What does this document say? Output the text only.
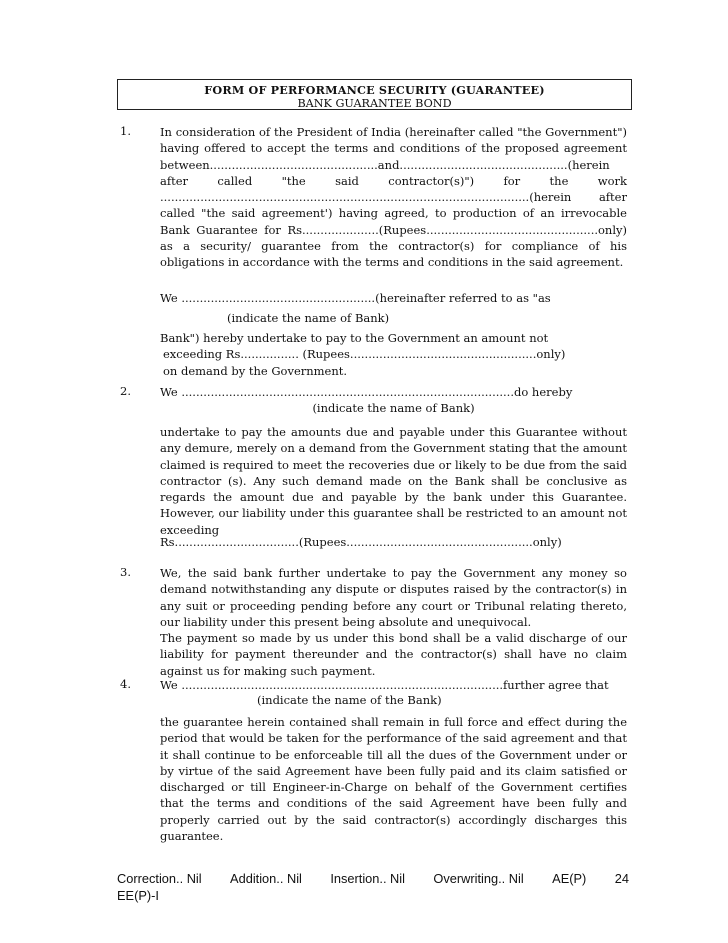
FORM OF PERFORMANCE SECURITY (GUARANTEE)
BANK GUARANTEE BOND
1.	In consideration of the President of India (hereinafter called "the Government") having offered to accept the terms and conditions of the proposed agreement between..............................................and..............................................(herein after called "the said contractor(s)") for the work .....................................................................................................(herein after called "the said agreement') having agreed, to production of an irrevocable Bank Guarantee for Rs.....................(Rupees...............................................only) as a security/ guarantee from the contractor(s) for compliance of his obligations in accordance with the terms and conditions in the said agreement.

We .....................................................(hereinafter referred to as "as
(indicate the name of Bank)
Bank") hereby undertake to pay to the Government an amount not
exceeding Rs................ (Rupees...................................................only)
on demand by the Government.
2.	We ...........................................................................................do hereby
(indicate the name of Bank)

undertake to pay the amounts due and payable under this Guarantee without any demure, merely on a demand from the Government stating that the amount claimed is required to meet the recoveries due or likely to be due from the said contractor (s). Any such demand made on the Bank shall be conclusive as regards the amount due and payable by the bank under this Guarantee. However, our liability under this guarantee shall be restricted to an amount not exceeding

Rs..................................(Rupees...................................................only)
3.	We, the said bank further undertake to pay the Government any money so demand notwithstanding any dispute or disputes raised by the contractor(s) in any suit or proceeding pending before any court or Tribunal relating thereto, our liability under this present being absolute and unequivocal.

The payment so made by us under this bond shall be a valid discharge of our liability for payment thereunder and the contractor(s) shall have no claim against us for making such payment.

4.	We ........................................................................................further agree that
(indicate the name of the Bank)

the guarantee herein contained shall remain in full force and effect during the period that would be taken for the performance of the said agreement and that it shall continue to be enforceable till all the dues of the Government under or by virtue of the said Agreement have been fully paid and its claim satisfied or discharged or till Engineer-in-Charge on behalf of the Government certifies that the terms and conditions of the said Agreement have been fully and properly carried out by the said contractor(s) accordingly discharges this guarantee.

Correction.. Nil Addition.. Nil Insertion.. Nil Overwriting.. Nil AE(P) 24
EE(P)-I
